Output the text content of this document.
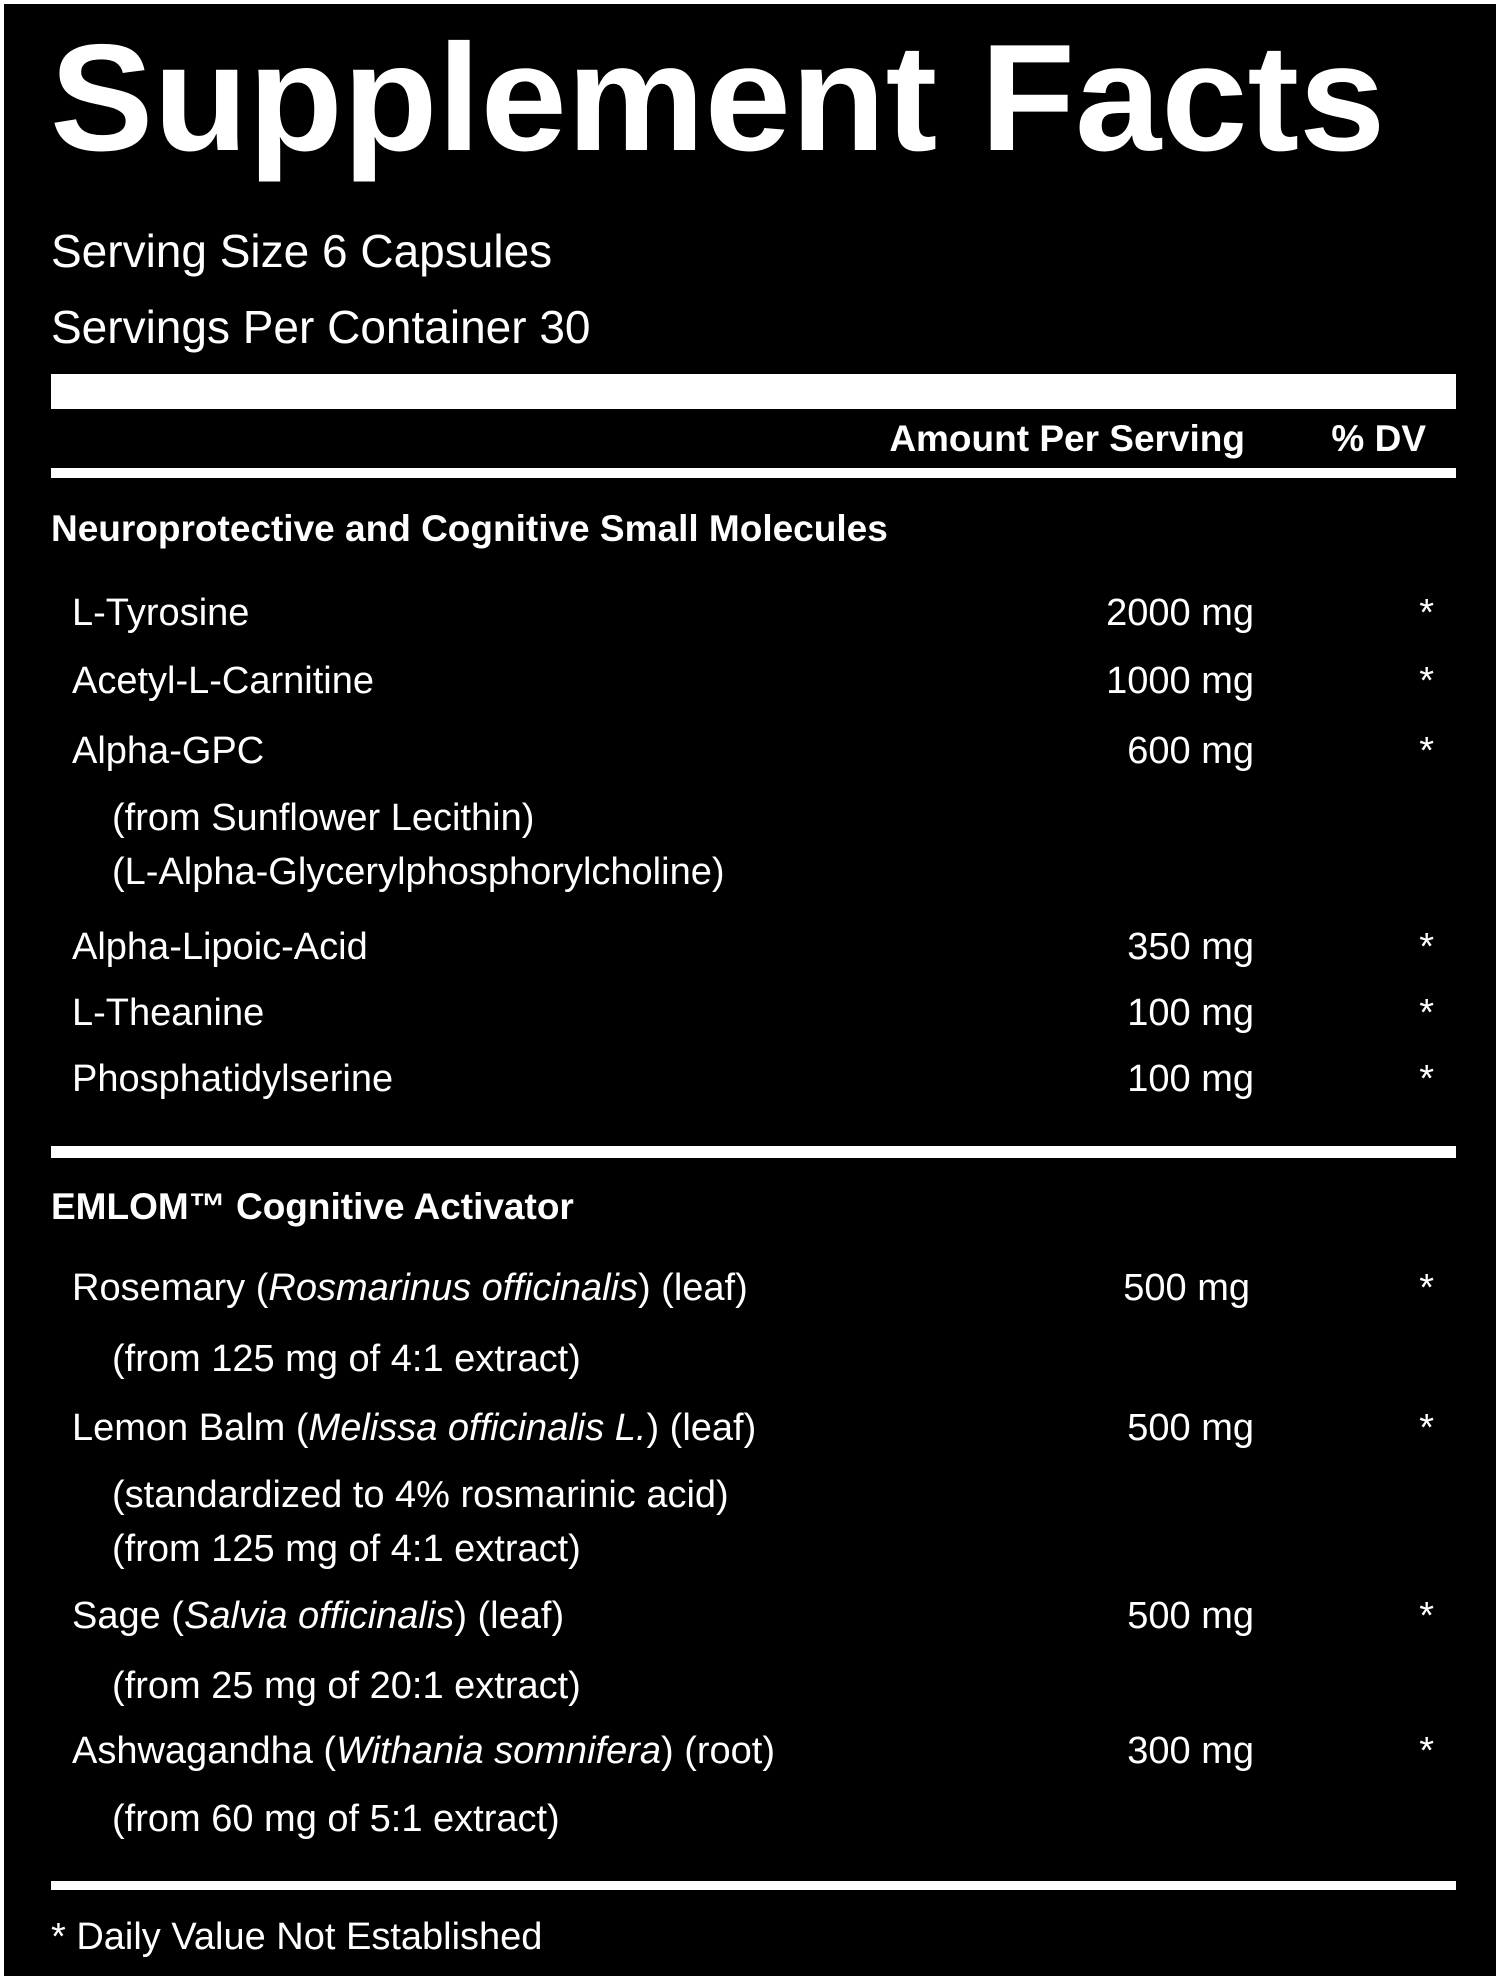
Supplement Facts
Serving Size 6 Capsules
Servings Per Container 30
Amount Per Serving % DV
Neuroprotective and Cognitive Small Molecules
L-Tyrosine	2000 mg	*
Acetyl-L-Carnitine	1000 mg	*
Alpha-GPC	600 mg	*
(from Sunflower Lecithin)
(L-Alpha-Glycerylphosphorylcholine)
Alpha-Lipoic-Acid	350 mg	*
L-Theanine	100 mg	*
Phosphatidylserine	100 mg	*
EMLOM™ Cognitive Activator
Rosemary (Rosmarinus officinalis) (leaf)	500 mg	*
(from 125 mg of 4:1 extract)
Lemon Balm (Melissa officinalis L.) (leaf)	500 mg	*
(standardized to 4% rosmarinic acid)
(from 125 mg of 4:1 extract)
Sage (Salvia officinalis) (leaf)	500 mg	*
(from 25 mg of 20:1 extract)
Ashwagandha (Withania somnifera) (root)	300 mg	*
(from 60 mg of 5:1 extract)
* Daily Value Not Established
